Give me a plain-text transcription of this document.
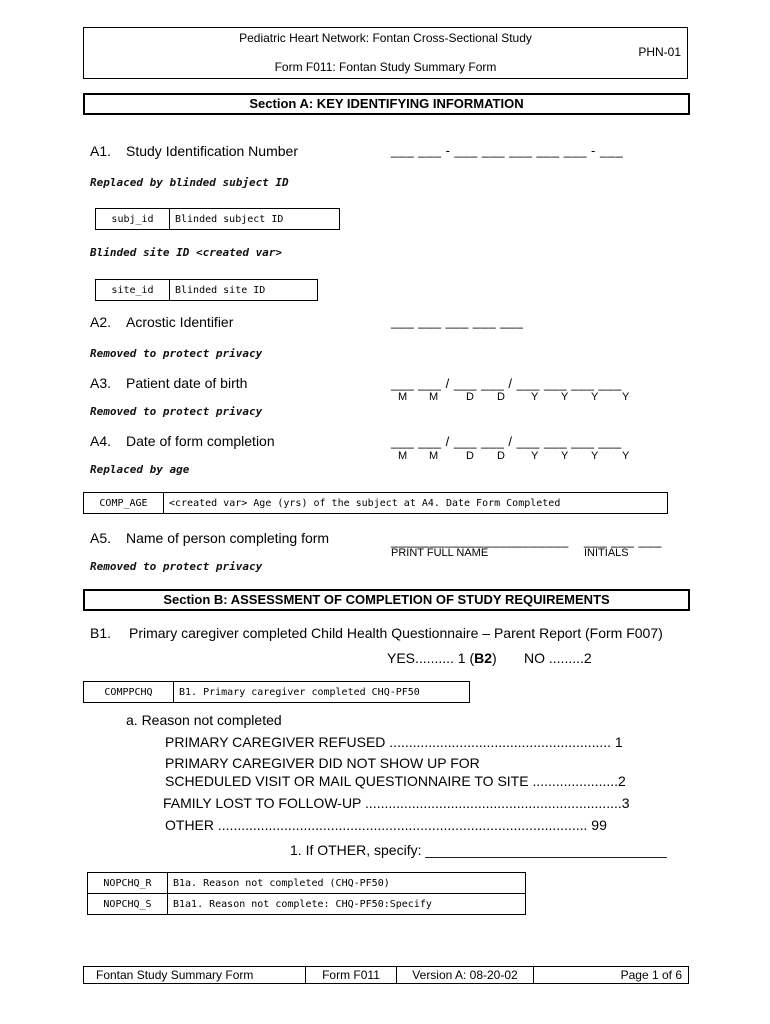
Pediatric Heart Network: Fontan Cross-Sectional Study
Form F011: Fontan Study Summary Form
PHN-01
Section A: KEY IDENTIFYING INFORMATION
A1. Study Identification Number	___ ___ - ___ ___ ___ ___ ___ - ___
Replaced by blinded subject ID
subj_id	Blinded subject ID
Blinded site ID <created var>
site_id	Blinded site ID
A2. Acrostic Identifier	___ ___ ___ ___ ___
Removed to protect privacy
A3. Patient date of birth	___ ___ / ___ ___ / ___ ___ ___ ___
M M	D D Y Y Y Y
Removed to protect privacy
A4. Date of form completion	___ ___ / ___ ___ / ___ ___ ___ ___
M M	D D Y Y Y Y
Replaced by age
COMP_AGE	<created var> Age (yrs) of the subject at A4. Date Form Completed
A5. Name of person completing form	_______________________ ___ ___ ___
PRINT FULL NAME	INITIALS
Removed to protect privacy
Section B: ASSESSMENT OF COMPLETION OF STUDY REQUIREMENTS
B1. Primary caregiver completed Child Health Questionnaire – Parent Report (Form F007)
YES.......... 1 (B2) NO .........2
COMPPCHQ	B1. Primary caregiver completed CHQ-PF50
a. Reason not completed
PRIMARY CAREGIVER REFUSED ......................................................... 1
PRIMARY CAREGIVER DID NOT SHOW UP FOR
SCHEDULED VISIT OR MAIL QUESTIONNAIRE TO SITE ......................2
FAMILY LOST TO FOLLOW-UP ..................................................................3
OTHER ............................................................................................... 99
1. If OTHER, specify: _______________________________
NOPCHQ_R	B1a. Reason not completed (CHQ-PF50)
NOPCHQ_S	B1a1. Reason not complete: CHQ-PF50:Specify
Fontan Study Summary Form	Form F011	Version A: 08-20-02	Page 1 of 6
